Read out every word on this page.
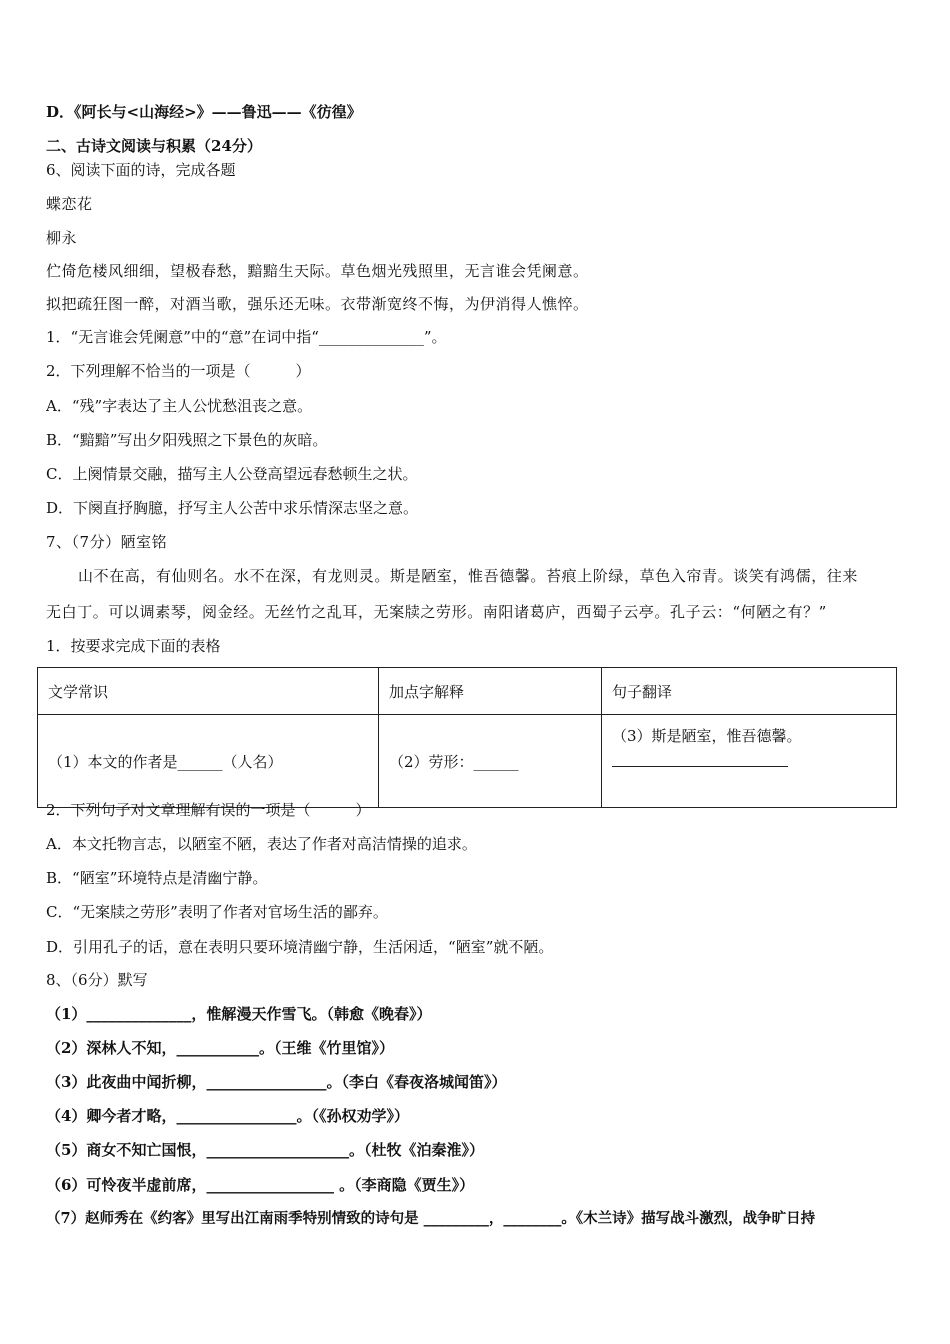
D．《阿长与<山海经>》——鲁迅——《彷徨》
二、古诗文阅读与积累（24分）
6、阅读下面的诗，完成各题
蝶恋花
柳永
伫倚危楼风细细，望极春愁，黯黯生天际。草色烟光残照里，无言谁会凭阑意。
拟把疏狂图一醉，对酒当歌，强乐还无味。衣带渐宽终不悔，为伊消得人憔悴。
1．“无言谁会凭阑意”中的“意”在词中指“______________”。
2．下列理解不恰当的一项是（　　　）
A．“残”字表达了主人公忧愁沮丧之意。
B．“黯黯”写出夕阳残照之下景色的灰暗。
C．上阕情景交融，描写主人公登高望远春愁顿生之状。
D．下阕直抒胸臆，抒写主人公苦中求乐情深志坚之意。
7、（7分）陋室铭
山不在高，有仙则名。水不在深，有龙则灵。斯是陋室，惟吾德馨。苔痕上阶绿，草色入帘青。谈笑有鸿儒，往来
无白丁。可以调素琴，阅金经。无丝竹之乱耳，无案牍之劳形。南阳诸葛庐，西蜀子云亭。孔子云：“何陋之有？”
1．按要求完成下面的表格
文学常识	加点字解释	句子翻译
（1）本文的作者是______（人名）	（2）劳形：______	（3）斯是陋室，惟吾德馨。
2．下列句子对文章理解有误的一项是（　　　）
A．本文托物言志，以陋室不陋，表达了作者对高洁情操的追求。
B．“陋室”环境特点是清幽宁静。
C．“无案牍之劳形”表明了作者对官场生活的鄙弃。
D．引用孔子的话，意在表明只要环境清幽宁静，生活闲适，“陋室”就不陋。
8、（6分）默写
（1）______________，惟解漫天作雪飞。（韩愈《晚春》）
（2）深林人不知，___________。（王维《竹里馆》）
（3）此夜曲中闻折柳，________________。（李白《春夜洛城闻笛》）
（4）卿今者才略，________________。（《孙权劝学》）
（5）商女不知亡国恨，___________________。（杜牧《泊秦淮》）
（6）可怜夜半虚前席，_________________ 。（李商隐《贾生》）
（7）赵师秀在《约客》里写出江南雨季特别情致的诗句是 _________，________。《木兰诗》描写战斗激烈，战争旷日持
